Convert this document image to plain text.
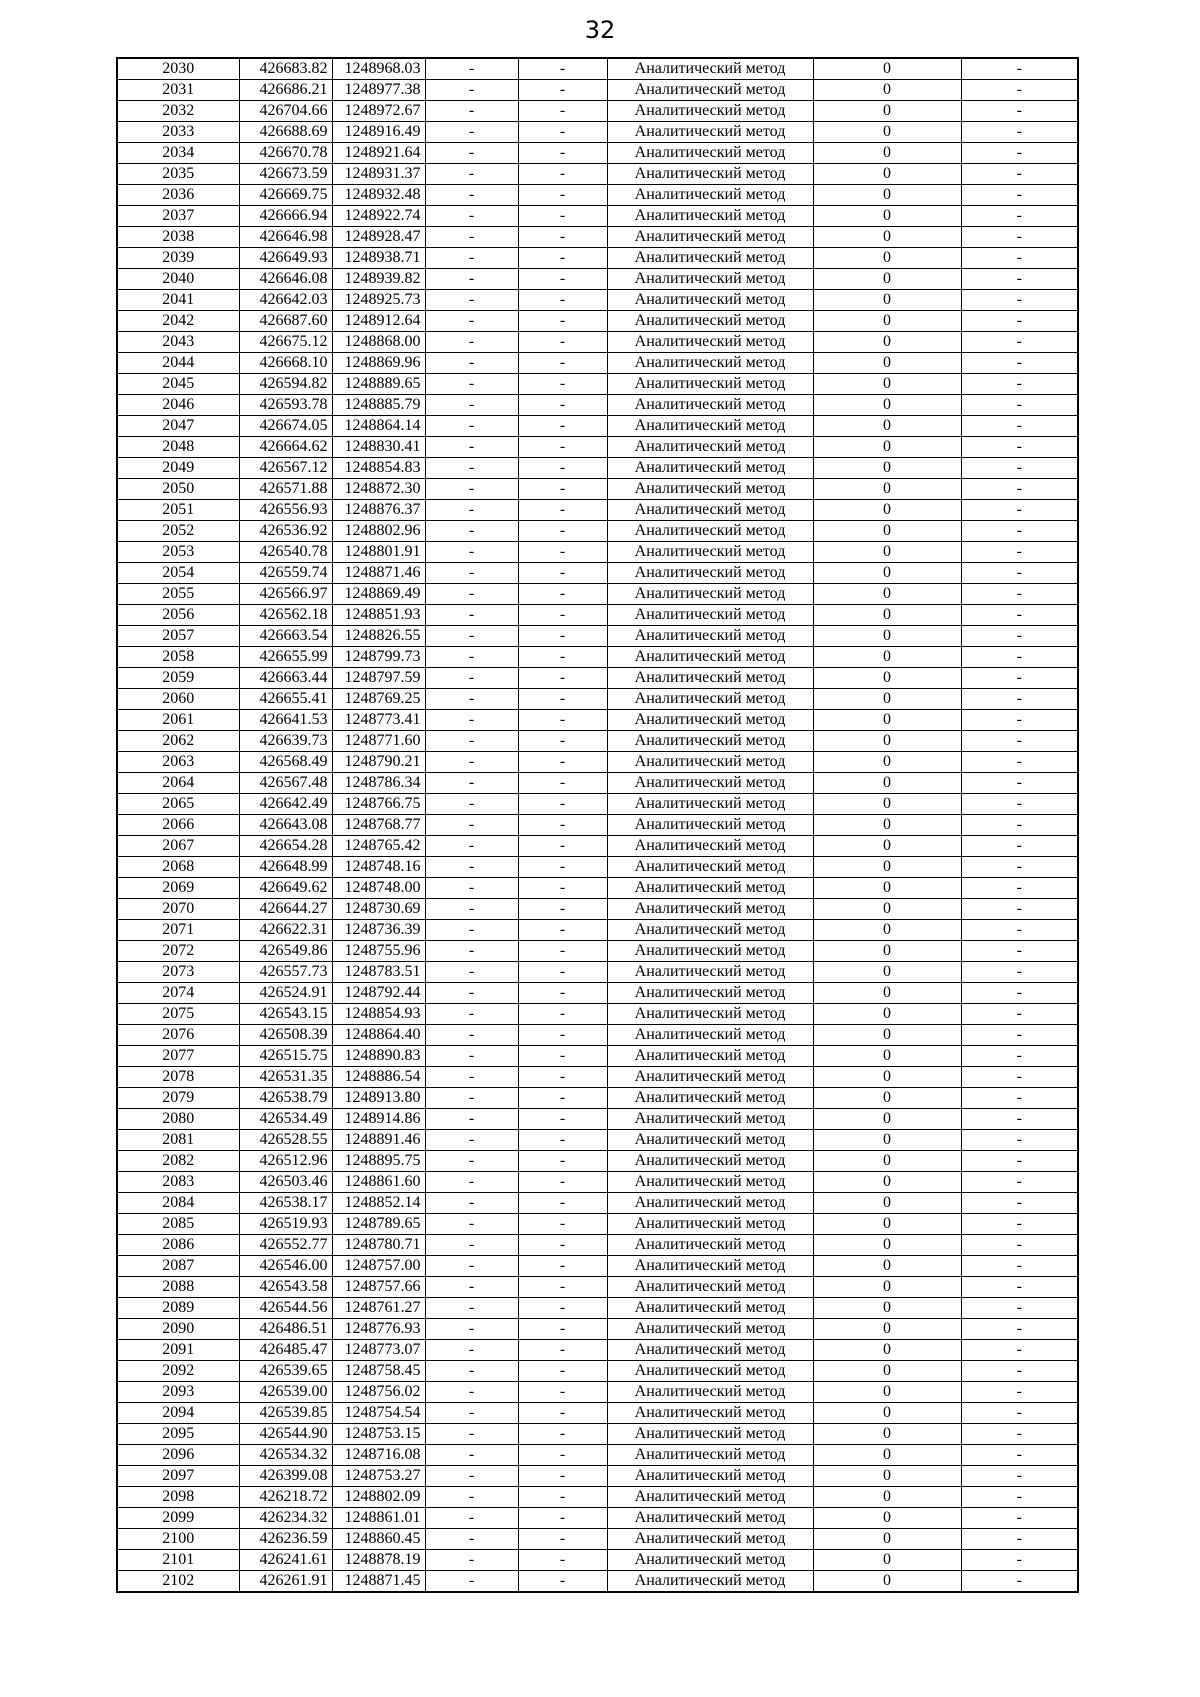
32
2030	426683.82	1248968.03	-	-	Аналитический метод	0	-
2031	426686.21	1248977.38	-	-	Аналитический метод	0	-
2032	426704.66	1248972.67	-	-	Аналитический метод	0	-
2033	426688.69	1248916.49	-	-	Аналитический метод	0	-
2034	426670.78	1248921.64	-	-	Аналитический метод	0	-
2035	426673.59	1248931.37	-	-	Аналитический метод	0	-
2036	426669.75	1248932.48	-	-	Аналитический метод	0	-
2037	426666.94	1248922.74	-	-	Аналитический метод	0	-
2038	426646.98	1248928.47	-	-	Аналитический метод	0	-
2039	426649.93	1248938.71	-	-	Аналитический метод	0	-
2040	426646.08	1248939.82	-	-	Аналитический метод	0	-
2041	426642.03	1248925.73	-	-	Аналитический метод	0	-
2042	426687.60	1248912.64	-	-	Аналитический метод	0	-
2043	426675.12	1248868.00	-	-	Аналитический метод	0	-
2044	426668.10	1248869.96	-	-	Аналитический метод	0	-
2045	426594.82	1248889.65	-	-	Аналитический метод	0	-
2046	426593.78	1248885.79	-	-	Аналитический метод	0	-
2047	426674.05	1248864.14	-	-	Аналитический метод	0	-
2048	426664.62	1248830.41	-	-	Аналитический метод	0	-
2049	426567.12	1248854.83	-	-	Аналитический метод	0	-
2050	426571.88	1248872.30	-	-	Аналитический метод	0	-
2051	426556.93	1248876.37	-	-	Аналитический метод	0	-
2052	426536.92	1248802.96	-	-	Аналитический метод	0	-
2053	426540.78	1248801.91	-	-	Аналитический метод	0	-
2054	426559.74	1248871.46	-	-	Аналитический метод	0	-
2055	426566.97	1248869.49	-	-	Аналитический метод	0	-
2056	426562.18	1248851.93	-	-	Аналитический метод	0	-
2057	426663.54	1248826.55	-	-	Аналитический метод	0	-
2058	426655.99	1248799.73	-	-	Аналитический метод	0	-
2059	426663.44	1248797.59	-	-	Аналитический метод	0	-
2060	426655.41	1248769.25	-	-	Аналитический метод	0	-
2061	426641.53	1248773.41	-	-	Аналитический метод	0	-
2062	426639.73	1248771.60	-	-	Аналитический метод	0	-
2063	426568.49	1248790.21	-	-	Аналитический метод	0	-
2064	426567.48	1248786.34	-	-	Аналитический метод	0	-
2065	426642.49	1248766.75	-	-	Аналитический метод	0	-
2066	426643.08	1248768.77	-	-	Аналитический метод	0	-
2067	426654.28	1248765.42	-	-	Аналитический метод	0	-
2068	426648.99	1248748.16	-	-	Аналитический метод	0	-
2069	426649.62	1248748.00	-	-	Аналитический метод	0	-
2070	426644.27	1248730.69	-	-	Аналитический метод	0	-
2071	426622.31	1248736.39	-	-	Аналитический метод	0	-
2072	426549.86	1248755.96	-	-	Аналитический метод	0	-
2073	426557.73	1248783.51	-	-	Аналитический метод	0	-
2074	426524.91	1248792.44	-	-	Аналитический метод	0	-
2075	426543.15	1248854.93	-	-	Аналитический метод	0	-
2076	426508.39	1248864.40	-	-	Аналитический метод	0	-
2077	426515.75	1248890.83	-	-	Аналитический метод	0	-
2078	426531.35	1248886.54	-	-	Аналитический метод	0	-
2079	426538.79	1248913.80	-	-	Аналитический метод	0	-
2080	426534.49	1248914.86	-	-	Аналитический метод	0	-
2081	426528.55	1248891.46	-	-	Аналитический метод	0	-
2082	426512.96	1248895.75	-	-	Аналитический метод	0	-
2083	426503.46	1248861.60	-	-	Аналитический метод	0	-
2084	426538.17	1248852.14	-	-	Аналитический метод	0	-
2085	426519.93	1248789.65	-	-	Аналитический метод	0	-
2086	426552.77	1248780.71	-	-	Аналитический метод	0	-
2087	426546.00	1248757.00	-	-	Аналитический метод	0	-
2088	426543.58	1248757.66	-	-	Аналитический метод	0	-
2089	426544.56	1248761.27	-	-	Аналитический метод	0	-
2090	426486.51	1248776.93	-	-	Аналитический метод	0	-
2091	426485.47	1248773.07	-	-	Аналитический метод	0	-
2092	426539.65	1248758.45	-	-	Аналитический метод	0	-
2093	426539.00	1248756.02	-	-	Аналитический метод	0	-
2094	426539.85	1248754.54	-	-	Аналитический метод	0	-
2095	426544.90	1248753.15	-	-	Аналитический метод	0	-
2096	426534.32	1248716.08	-	-	Аналитический метод	0	-
2097	426399.08	1248753.27	-	-	Аналитический метод	0	-
2098	426218.72	1248802.09	-	-	Аналитический метод	0	-
2099	426234.32	1248861.01	-	-	Аналитический метод	0	-
2100	426236.59	1248860.45	-	-	Аналитический метод	0	-
2101	426241.61	1248878.19	-	-	Аналитический метод	0	-
2102	426261.91	1248871.45	-	-	Аналитический метод	0	-
